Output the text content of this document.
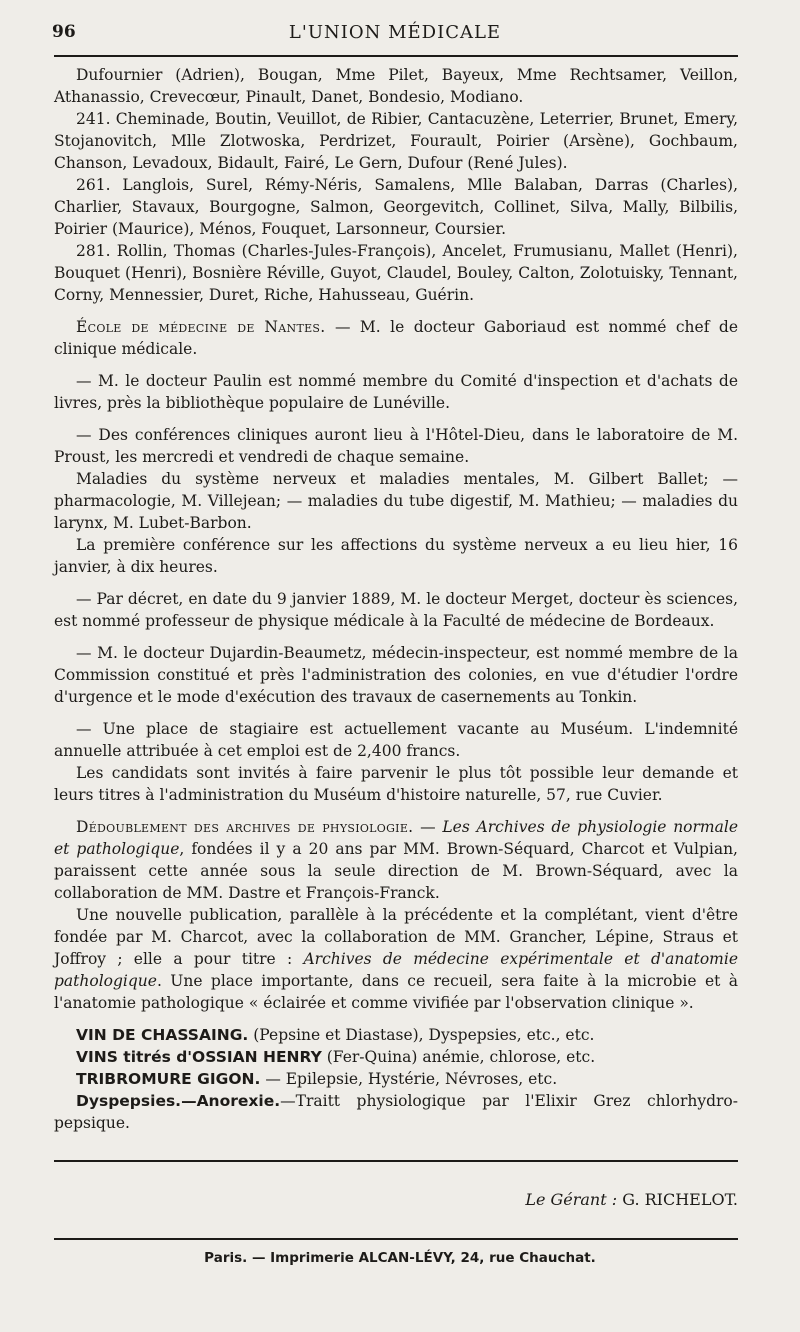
96	L'UNION MÉDICALE

Dufournier (Adrien), Bougan, Mme Pilet, Bayeux, Mme Rechtsamer, Veillon, Athanassio, Crevecœur, Pinault, Danet, Bondesio, Modiano.

241. Cheminade, Boutin, Veuillot, de Ribier, Cantacuzène, Leterrier, Brunet, Emery, Stojanovitch, Mlle Zlotwoska, Perdrizet, Fourault, Poirier (Arsène), Gochbaum, Chanson, Levadoux, Bidault, Fairé, Le Gern, Dufour (René Jules).

261. Langlois, Surel, Rémy-Néris, Samalens, Mlle Balaban, Darras (Charles), Charlier, Stavaux, Bourgogne, Salmon, Georgevitch, Collinet, Silva, Mally, Bilbilis, Poirier (Maurice), Ménos, Fouquet, Larsonneur, Coursier.

281. Rollin, Thomas (Charles-Jules-François), Ancelet, Frumusianu, Mallet (Henri), Bouquet (Henri), Bosnière Réville, Guyot, Claudel, Bouley, Calton, Zolotuisky, Tennant, Corny, Mennessier, Duret, Riche, Hahusseau, Guérin.

École de médecine de Nantes. — M. le docteur Gaboriaud est nommé chef de clinique médicale.

— M. le docteur Paulin est nommé membre du Comité d'inspection et d'achats de livres, près la bibliothèque populaire de Lunéville.

— Des conférences cliniques auront lieu à l'Hôtel-Dieu, dans le laboratoire de M. Proust, les mercredi et vendredi de chaque semaine.

Maladies du système nerveux et maladies mentales, M. Gilbert Ballet; — pharmacologie, M. Villejean; — maladies du tube digestif, M. Mathieu; — maladies du larynx, M. Lubet-Barbon.

La première conférence sur les affections du système nerveux a eu lieu hier, 16 janvier, à dix heures.

— Par décret, en date du 9 janvier 1889, M. le docteur Merget, docteur ès sciences, est nommé professeur de physique médicale à la Faculté de médecine de Bordeaux.

— M. le docteur Dujardin-Beaumetz, médecin-inspecteur, est nommé membre de la Commission constitué et près l'administration des colonies, en vue d'étudier l'ordre d'urgence et le mode d'exécution des travaux de casernements au Tonkin.

— Une place de stagiaire est actuellement vacante au Muséum. L'indemnité annuelle attribuée à cet emploi est de 2,400 francs.

Les candidats sont invités à faire parvenir le plus tôt possible leur demande et leurs titres à l'administration du Muséum d'histoire naturelle, 57, rue Cuvier.

Dédoublement des archives de physiologie. — Les Archives de physiologie normale et pathologique, fondées il y a 20 ans par MM. Brown-Séquard, Charcot et Vulpian, paraissent cette année sous la seule direction de M. Brown-Séquard, avec la collaboration de MM. Dastre et François-Franck.

Une nouvelle publication, parallèle à la précédente et la complétant, vient d'être fondée par M. Charcot, avec la collaboration de MM. Grancher, Lépine, Straus et Joffroy ; elle a pour titre : Archives de médecine expérimentale et d'anatomie pathologique. Une place importante, dans ce recueil, sera faite à la microbie et à l'anatomie pathologique « éclairée et comme vivifiée par l'observation clinique ».

VIN DE CHASSAING. (Pepsine et Diastase), Dyspepsies, etc., etc.

VINS titrés d'OSSIAN HENRY (Fer-Quina) anémie, chlorose, etc.

TRIBROMURE GIGON. — Epilepsie, Hystérie, Névroses, etc.

Dyspepsies.—Anorexie.—Traitt physiologique par l'Elixir Grez chlorhydro-pepsique.

Le Gérant : G. RICHELOT.
Paris. — Imprimerie ALCAN-LÉVY, 24, rue Chauchat.
